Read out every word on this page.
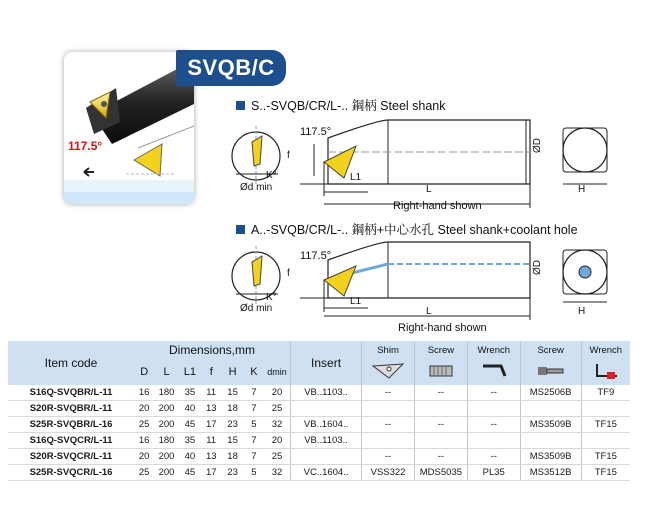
117.5°
SVQB/C
S..-SVQB/CR/L-.. 鋼柄 Steel shank
117.5°
f
K°
Ød min
L1
L
ØD
H
Right-hand shown
A..-SVQB/CR/L-.. 鋼柄+中心水孔 Steel shank+coolant hole
117.5°
f
K°
Ød min
L1
L
ØD
H
Right-hand shown
Item code	Dimensions,mm							Insert	Shim	Screw	Wrench	Screw	Wrench
	D	L	L1	f	H	K	dmin					
S16Q-SVQBR/L-11	16	180	35	11	15	7	20	VB..1103..	--	--	--	MS2506B	TF9
S20R-SVQBR/L-11	20	200	40	13	18	7	25						
S25R-SVQBR/L-16	25	200	45	17	23	5	32	VB..1604..	--	--	--	MS3509B	TF15
S16Q-SVQCR/L-11	16	180	35	11	15	7	20	VB..1103..					
S20R-SVQCR/L-11	20	200	40	13	18	7	25		--	--	--	MS3509B	TF15
S25R-SVQCR/L-16	25	200	45	17	23	5	32	VC..1604..	VSS322	MDS5035	PL35	MS3512B	TF15
